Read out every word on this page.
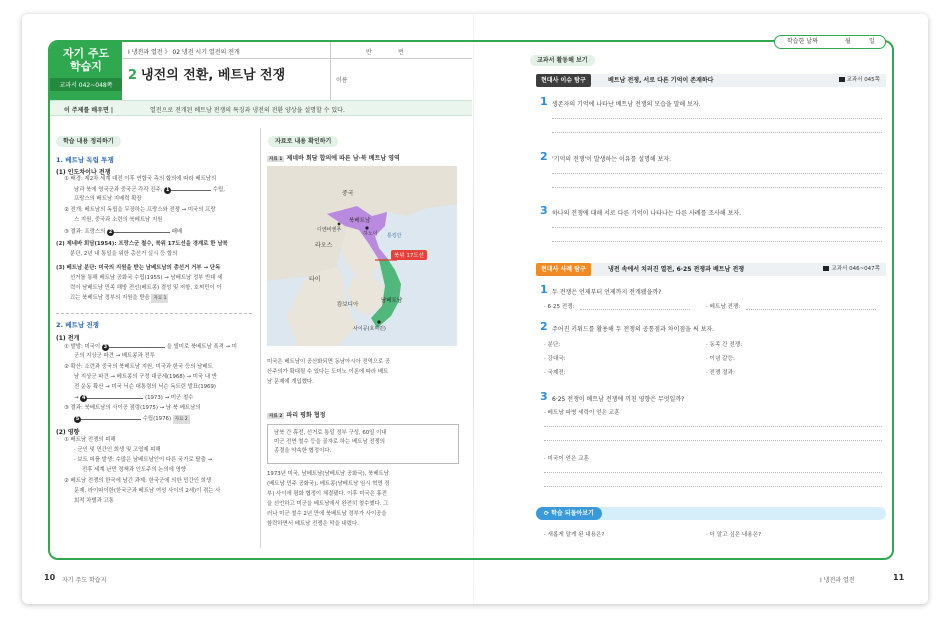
자기 주도
학습지
교과서 042~048쪽
Ⅰ 냉전과 열전 》 02 냉전 시기 열전의 전개	반	번
2 냉전의 전환, 베트남 전쟁	이름
이 주제를 배우면 |	열전으로 전개된 베트남 전쟁의 특징과 냉전의 전환 양상을 설명할 수 있다.
학습 내용 정리하기
1. 베트남 독립 투쟁
(1) 인도차이나 전쟁
① 배경: 제2차 세계 대전 이후 연합국 측의 합의에 따라 베트남의
남과 북에 영국군과 중국군 각각 진주, 1	수립,
프랑스의 베트남 지배력 확장
② 전개: 베트남의 독립을 무장하는 프랑스와 전쟁 → 미국의 프랑
스 지원, 중국과 소련의 북베트남 지원
③ 결과: 프랑스의 2	패배
(2) 제네바 회담(1954): 프랑스군 철수, 북위 17도선을 경계로 한 남북
분단, 2년 내 통일을 위한 총선거 실시 등 합의
(3) 베트남 분단: 미국의 지원을 받는 남베트남의 총선거 거부 → 단독
선거를 통해 베트남 공화국 수립(1955) → 남베트남 정부 반대 세
력이 남베트남 민족 해방 전선(베트콩) 결성 및 저항, 호찌민이 이
끄는 북베트남 정부의 지원을 받음 자료 1
2. 베트남 전쟁
(1) 전개
① 발발: 미국이 3	을 빌미로 북베트남 폭격 → 미
군의 지상군 파견 → 베트콩과 전투
② 확산: 소련과 중국의 북베트남 지원, 미국과 한국 등의 남베트
남 지상군 파견 → 베트콩의 구정 대공세(1968) → 미국 내 반
전 운동 확산 → 미국 닉슨 대통령의 닉슨 독트린 발표(1969)
→ 4	(1973) → 미군 철수
③ 결과: 북베트남의 사이공 점령(1975) → 남·북 베트남의
5	수립(1976) 자료 2
(2) 영향
① 베트남 전쟁의 피해
· 군인 및 민간인 희생 및 고엽제 피해
· 보트 피플 발생: 수많은 남베트남인이 다른 국가로 탈출 →
전후 세계 난민 정책과 인도주의 논의에 영향
② 베트남 전쟁의 한국에 남긴 과제: 한국군에 의한 민간인 희생
문제, 라이따이한(한국군과 베트남 여성 사이의 2세)이 겪는 사
회적 차별과 고통
자료로 내용 확인하기
자료 1 제네바 회담 합의에 따른 남·북 베트남 영역
중국
북베트남
디엔비엔푸
하노이 통킹만
라오스
북위 17도선
타이
캄보디아
남베트남
사이공(호찌민)
미국은 베트남이 공산화되면 동남아시아 전역으로 공
산주의가 확대될 수 있다는 도미노 이론에 따라 베트
남 문제에 개입했다.
자료 2 파리 평화 협정
남북 간 휴전, 선거로 통일 정부 구성, 60일 이내
미군 전면 철수 등을 골자로 하는 베트남 전쟁의
종결을 약속한 협정이다.
1973년 미국, 남베트남(남베트남 공화국), 북베트남
(베트남 민주 공화국), 베트콩(남베트남 임시 혁명 정
부) 사이에 평화 협정이 체결됐다. 이후 미국은 휴전
을 선언하고 미군을 베트남에서 완전히 철수했다. 그
러나 미군 철수 2년 만에 북베트남 정부가 사이공을
함락하면서 베트남 전쟁은 막을 내렸다.
10 자기 주도 학습지
학습한 날짜	월	일
교과서 활동해 보기
현대사 이슈 탐구	베트남 전쟁, 서로 다른 기억이 존재하다	교과서 045쪽
1 생존자의 기억에 나타난 베트남 전쟁의 모습을 말해 보자.
2 '기억의 전쟁'이 발생하는 이유를 설명해 보자.
3 하나의 전쟁에 대해 서로 다른 기억이 나타나는 다른 사례를 조사해 보자.
현대사 사례 탐구	냉전 속에서 치러진 열전, 6·25 전쟁과 베트남 전쟁	교과서 046~047쪽
1 두 전쟁은 언제부터 언제까지 전개됐을까?
· 6·25 전쟁:	· 베트남 전쟁:
2 주어진 키워드를 활용해 두 전쟁의 공통점과 차이점을 써 보자.
· 분단:	· 동족 간 전쟁:
· 강대국:	· 이념 갈등:
· 국제전:	· 전쟁 결과:
3 6·25 전쟁이 베트남 전쟁에 끼친 영향은 무엇일까?
· 베트남 파병 세력이 얻은 교훈
· 미국이 얻은 교훈
⟳ 학습 되돌아보기
· 새롭게 알게 된 내용은?	· 더 알고 싶은 내용은?
Ⅰ 냉전과 열전	11
